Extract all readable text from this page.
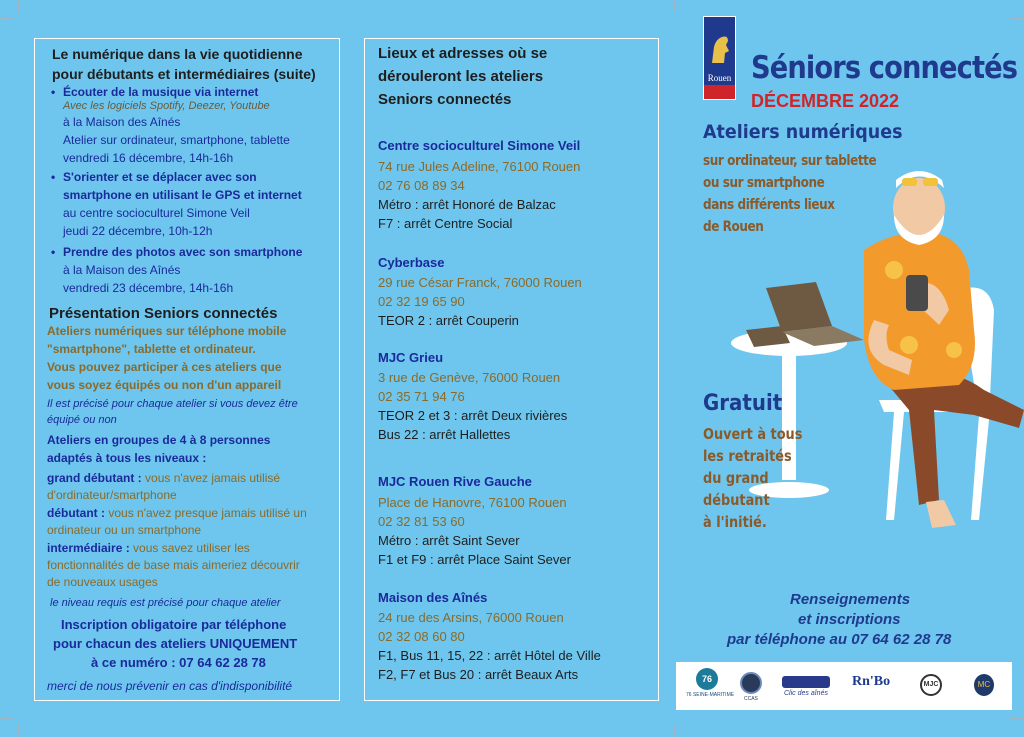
Le numérique dans la vie quotidienne
pour débutants et intermédiaires (suite)
• Écouter de la musique via internet
Avec les logiciels Spotify, Deezer, Youtube
à la Maison des Aînés
Atelier sur ordinateur, smartphone, tablette
vendredi 16 décembre, 14h-16h
• S'orienter et se déplacer avec son
smartphone en utilisant le GPS et internet
au centre socioculturel Simone Veil
jeudi 22 décembre, 10h-12h
• Prendre des photos avec son smartphone
à la Maison des Aînés
vendredi 23 décembre, 14h-16h
Présentation Seniors connectés
Ateliers numériques sur téléphone mobile
"smartphone", tablette et ordinateur.
Vous pouvez participer à ces ateliers que
vous soyez équipés ou non d'un appareil
Il est précisé pour chaque atelier si vous devez être
équipé ou non
Ateliers en groupes de 4 à 8 personnes
adaptés à tous les niveaux :
grand débutant : vous n'avez jamais utilisé
d'ordinateur/smartphone
débutant : vous n'avez presque jamais utilisé un
ordinateur ou un smartphone
intermédiaire : vous savez utiliser les
fonctionnalités de base mais aimeriez découvrir
de nouveaux usages
le niveau requis est précisé pour chaque atelier
Inscription obligatoire par téléphone
pour chacun des ateliers UNIQUEMENT
à ce numéro : 07 64 62 28 78
merci de nous prévenir en cas d'indisponibilité
Lieux et adresses où se
dérouleront les ateliers
Seniors connectés
Centre socioculturel Simone Veil
74 rue Jules Adeline, 76100 Rouen
02 76 08 89 34
Métro : arrêt Honoré de Balzac
F7 : arrêt Centre Social
Cyberbase
29 rue César Franck, 76000 Rouen
02 32 19 65 90
TEOR 2 : arrêt Couperin
MJC Grieu
3 rue de Genève, 76000 Rouen
02 35 71 94 76
TEOR 2 et 3 : arrêt Deux rivières
Bus 22 : arrêt Hallettes
MJC Rouen Rive Gauche
Place de Hanovre, 76100 Rouen
02 32 81 53 60
Métro : arrêt Saint Sever
F1 et F9 : arrêt Place Saint Sever
Maison des Aînés
24 rue des Arsins, 76000 Rouen
02 32 08 60 80
F1, Bus 11, 15, 22 : arrêt Hôtel de Ville
F2, F7 et Bus 20 : arrêt Beaux Arts
Rouen Séniors connectés
DÉCEMBRE 2022
Ateliers numériques
sur ordinateur, sur tablette
ou sur smartphone
dans différents lieux
de Rouen
Gratuit
Ouvert à tous
les retraités
du grand
débutant
à l'initié.
Renseignements
et inscriptions
par téléphone au 07 64 62 28 78
76
76 SEINE-MARITIME
CCAS
Clic des aînés
Rn'Bo	MJC	MC
